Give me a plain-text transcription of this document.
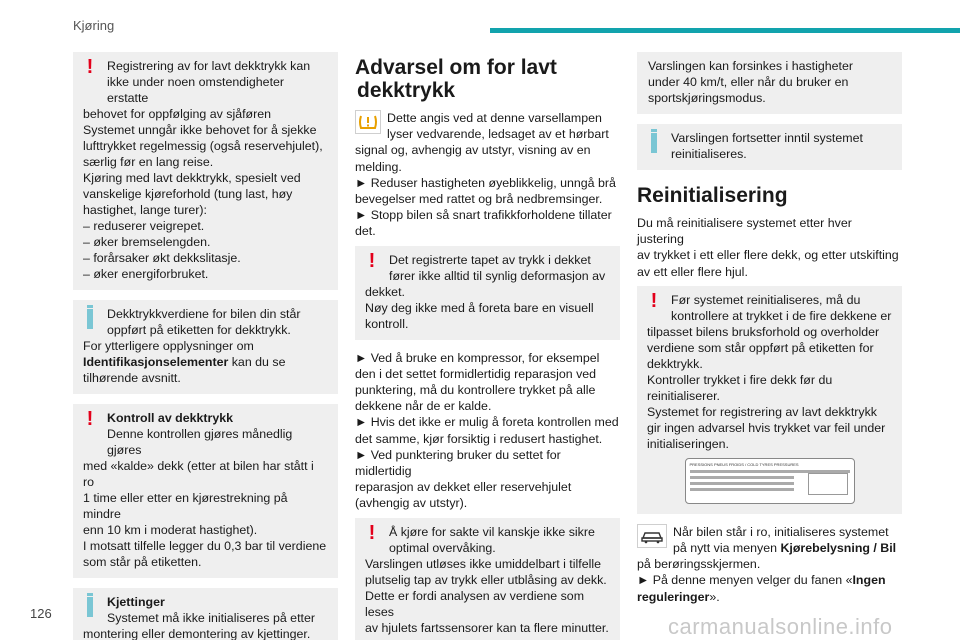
Kjøring
!	Registrering av for lavt dekktrykk kan
ikke under noen omstendigheter erstatte
behovet for oppfølging av sjåføren
Systemet unngår ikke behovet for å sjekke
lufttrykket regelmessig (også reservehjulet),
særlig før en lang reise.
Kjøring med lavt dekktrykk, spesielt ved
vanskelige kjøreforhold (tung last, høy
hastighet, lange turer):
– reduserer veigrepet.
– øker bremselengden.
– forårsaker økt dekkslitasje.
– øker energiforbruket.
Dekktrykkverdiene for bilen din står
oppført på etiketten for dekktrykk.
For ytterligere opplysninger om
Identifikasjonselementer kan du se
tilhørende avsnitt.
!	Kontroll av dekktrykk
Denne kontrollen gjøres månedlig gjøres
med «kalde» dekk (etter at bilen har stått i ro
1 time eller etter en kjørestrekning på mindre
enn 10 km i moderat hastighet).
I motsatt tilfelle legger du 0,3 bar til verdiene
som står på etiketten.
Kjettinger
Systemet må ikke initialiseres på etter
montering eller demontering av kjettinger.
Advarsel om for lavt
dekktrykk
Dette angis ved at denne varsellampen
lyser vedvarende, ledsaget av et hørbart
signal og, avhengig av utstyr, visning av en
melding.
► Reduser hastigheten øyeblikkelig, unngå brå
bevegelser med rattet og brå nedbremsinger.
► Stopp bilen så snart trafikkforholdene tillater
det.
!	Det registrerte tapet av trykk i dekket
fører ikke alltid til synlig deformasjon av
dekket.
Nøy deg ikke med å foreta bare en visuell
kontroll.
► Ved å bruke en kompressor, for eksempel
den i det settet formidlertidig reparasjon ved
punktering, må du kontrollere trykket på alle
dekkene når de er kalde.
► Hvis det ikke er mulig å foreta kontrollen med
det samme, kjør forsiktig i redusert hastighet.
► Ved punktering bruker du settet for midlertidig
reparasjon av dekket eller reservehjulet
(avhengig av utstyr).
!	Å kjøre for sakte vil kanskje ikke sikre
optimal overvåking.
Varslingen utløses ikke umiddelbart i tilfelle
plutselig tap av trykk eller utblåsing av dekk.
Dette er fordi analysen av verdiene som leses
av hjulets fartssensorer kan ta flere minutter.
Varslingen kan forsinkes i hastigheter
under 40 km/t, eller når du bruker en
sportskjøringsmodus.
Varslingen fortsetter inntil systemet
reinitialiseres.
Reinitialisering
Du må reinitialisere systemet etter hver justering
av trykket i ett eller flere dekk, og etter utskifting
av ett eller flere hjul.
!	Før systemet reinitialiseres, må du
kontrollere at trykket i de fire dekkene er
tilpasset bilens bruksforhold og overholder
verdiene som står oppført på etiketten for
dekktrykk.
Kontroller trykket i fire dekk før du
reinitialiserer.
Systemet for registrering av lavt dekktrykk
gir ingen advarsel hvis trykket var feil under
initialiseringen.
PRESSIONS PNEUS FROIDS / COLD TYRES PRESSURES
Når bilen står i ro, initialiseres systemet
på nytt via menyen Kjørebelysning / Bil
på berøringsskjermen.
► På denne menyen velger du fanen «Ingen
reguleringer».
126
carmanualsonline.info
